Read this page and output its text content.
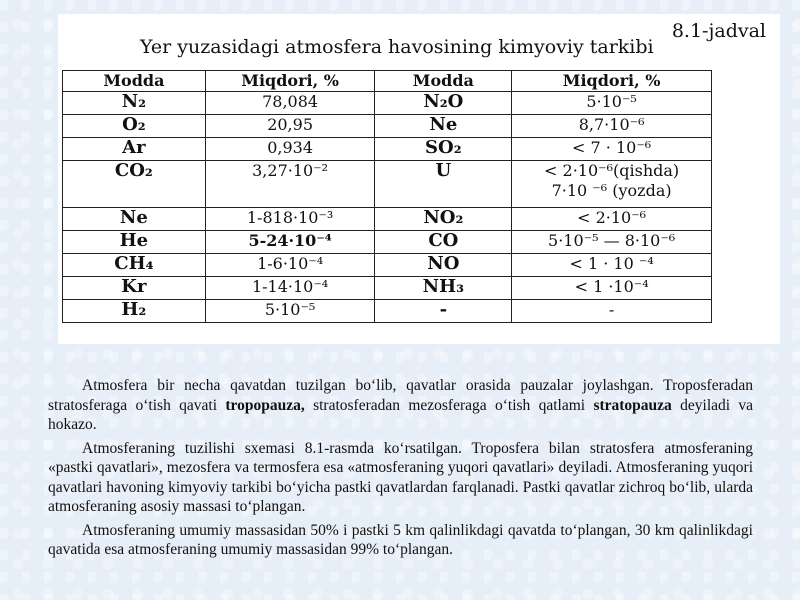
8.1-jadval
Yer yuzasidagi atmosfera havosining kimyoviy tarkibi
Modda	Miqdori, %	Modda	Miqdori, %
N₂	78,084	N₂O	5·10⁻⁵
O₂	20,95	Ne	8,7·10⁻⁶
Ar	0,934	SO₂	< 7 · 10⁻⁶
CO₂	3,27·10⁻²	U	< 2·10⁻⁶(qishda)
7·10 ⁻⁶ (yozda)
Ne	1-818·10⁻³	NO₂	< 2·10⁻⁶
He	5-24·10⁻⁴	CO	5·10⁻⁵ — 8·10⁻⁶
CH₄	1-6·10⁻⁴	NO	< 1 · 10 ⁻⁴
Kr	1-14·10⁻⁴	NH₃	< 1 ·10⁻⁴
H₂	5·10⁻⁵	-	-

Atmosfera bir necha qavatdan tuzilgan bo‘lib, qavatlar orasida pauzalar joylashgan. Troposferadan stratosferaga o‘tish qavati tropopauza, stratosferadan mezosferaga o‘tish qatlami stratopauza deyiladi va hokazo.

Atmosferaning tuzilishi sxemasi 8.1-rasmda ko‘rsatilgan. Troposfera bilan stratosfera atmosferaning «pastki qavatlari», mezosfera va termosfera esa «atmosferaning yuqori qavatlari» deyiladi. Atmosferaning yuqori qavatlari havoning kimyoviy tarkibi bo‘yicha pastki qavatlardan farqlanadi. Pastki qavatlar zichroq bo‘lib, ularda atmosferaning asosiy massasi to‘plangan.

Atmosferaning umumiy massasidan 50% i pastki 5 km qalinlikdagi qavatda to‘plangan, 30 km qalinlikdagi qavatida esa atmosferaning umumiy massasidan 99% to‘plangan.
